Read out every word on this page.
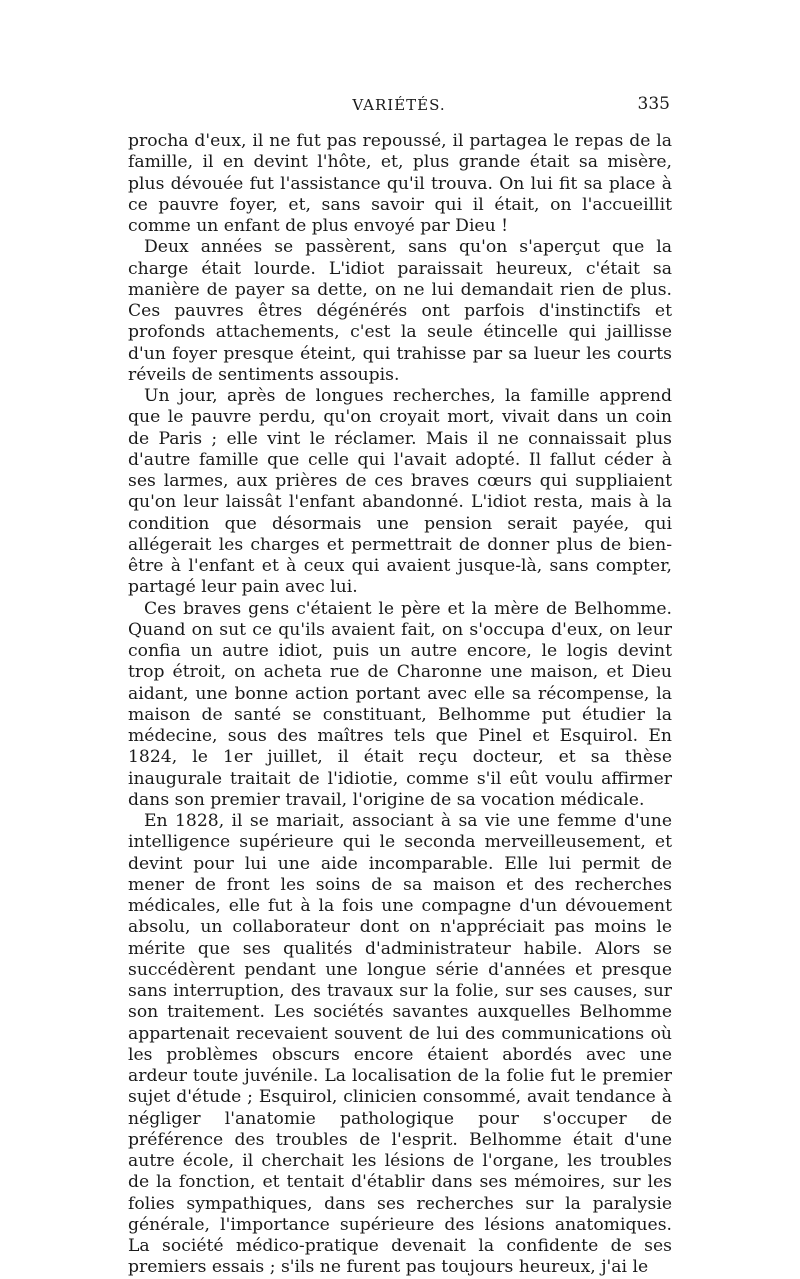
VARIÉTÉS.	335

procha d'eux, il ne fut pas repoussé, il partagea le repas de la famille, il en devint l'hôte, et, plus grande était sa misère, plus dévouée fut l'assistance qu'il trouva. On lui fit sa place à ce pauvre foyer, et, sans savoir qui il était, on l'accueillit comme un enfant de plus envoyé par Dieu !

Deux années se passèrent, sans qu'on s'aperçut que la charge était lourde. L'idiot paraissait heureux, c'était sa manière de payer sa dette, on ne lui demandait rien de plus. Ces pauvres êtres dégénérés ont parfois d'instinctifs et profonds attachements, c'est la seule étincelle qui jaillisse d'un foyer presque éteint, qui trahisse par sa lueur les courts réveils de sentiments assoupis.

Un jour, après de longues recherches, la famille apprend que le pauvre perdu, qu'on croyait mort, vivait dans un coin de Paris ; elle vint le réclamer. Mais il ne connaissait plus d'autre famille que celle qui l'avait adopté. Il fallut céder à ses larmes, aux prières de ces braves cœurs qui suppliaient qu'on leur laissât l'enfant abandonné. L'idiot resta, mais à la condition que désormais une pension serait payée, qui allégerait les charges et permettrait de donner plus de bien-être à l'enfant et à ceux qui avaient jusque-là, sans compter, partagé leur pain avec lui.

Ces braves gens c'étaient le père et la mère de Belhomme. Quand on sut ce qu'ils avaient fait, on s'occupa d'eux, on leur confia un autre idiot, puis un autre encore, le logis devint trop étroit, on acheta rue de Charonne une maison, et Dieu aidant, une bonne action portant avec elle sa récompense, la maison de santé se constituant, Belhomme put étudier la médecine, sous des maîtres tels que Pinel et Esquirol. En 1824, le 1er juillet, il était reçu docteur, et sa thèse inaugurale traitait de l'idiotie, comme s'il eût voulu affirmer dans son premier travail, l'origine de sa vocation médicale.

En 1828, il se mariait, associant à sa vie une femme d'une intelligence supérieure qui le seconda merveilleusement, et devint pour lui une aide incomparable. Elle lui permit de mener de front les soins de sa maison et des recherches médicales, elle fut à la fois une compagne d'un dévouement absolu, un collaborateur dont on n'appréciait pas moins le mérite que ses qualités d'administrateur habile. Alors se succédèrent pendant une longue série d'années et presque sans interruption, des travaux sur la folie, sur ses causes, sur son traitement. Les sociétés savantes auxquelles Belhomme appartenait recevaient souvent de lui des communications où les problèmes obscurs encore étaient abordés avec une ardeur toute juvénile. La localisation de la folie fut le premier sujet d'étude ; Esquirol, clinicien consommé, avait tendance à négliger l'anatomie pathologique pour s'occuper de préférence des troubles de l'esprit. Belhomme était d'une autre école, il cherchait les lésions de l'organe, les troubles de la fonction, et tentait d'établir dans ses mémoires, sur les folies sympathiques, dans ses recherches sur la paralysie générale, l'importance supérieure des lésions anatomiques. La société médico-pratique devenait la confidente de ses premiers essais ; s'ils ne furent pas toujours heureux, j'ai le
